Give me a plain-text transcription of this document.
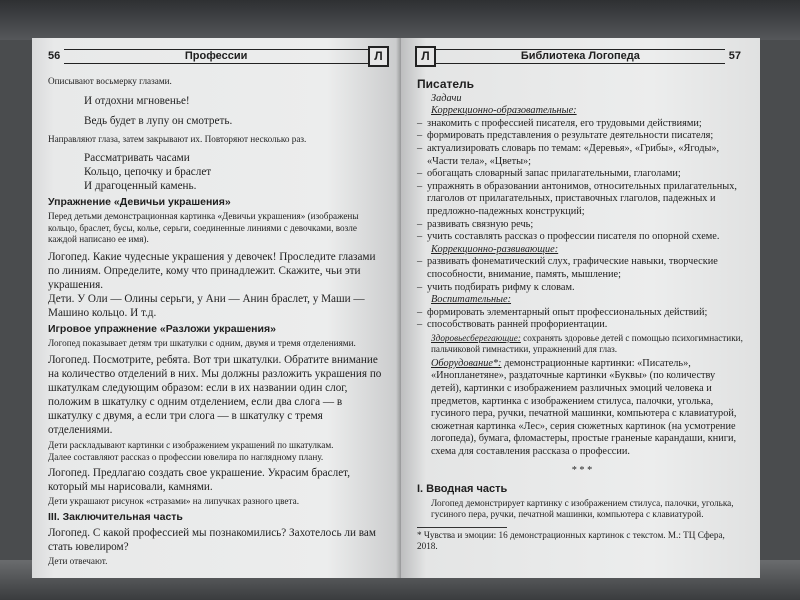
56	Профессии	Л

Описывают восьмерку глазами.

И отдохни мгновенье!

Ведь будет в лупу он смотреть.

Направляют глаза, затем закрывают их. Повторяют несколько раз.

Рассматривать часами

Кольцо, цепочку и браслет

И драгоценный камень.

Упражнение «Девичьи украшения»

Перед детьми демонстрационная картинка «Девичьи украшения» (изображены кольцо, браслет, бусы, колье, серьги, соединенные линиями с девочками, возле каждой написано ее имя).

Логопед. Какие чудесные украшения у девочек! Проследите глазами по линиям. Определите, кому что принадлежит. Скажите, чьи эти украшения.

Дети. У Оли — Олины серьги, у Ани — Анин браслет, у Маши — Машино кольцо. И т.д.

Игровое упражнение «Разложи украшения»

Логопед показывает детям три шкатулки с одним, двумя и тремя отделениями.

Логопед. Посмотрите, ребята. Вот три шкатулки. Обратите внимание на количество отделений в них. Мы должны разложить украшения по шкатулкам следующим образом: если в их названии один слог, положим в шкатулку с одним отделением, если два слога — в шкатулку с двумя, а если три слога — в шкатулку с тремя отделениями.

Дети раскладывают картинки с изображением украшений по шкатулкам.

Далее составляют рассказ о профессии ювелира по наглядному плану.

Логопед. Предлагаю создать свое украшение. Украсим браслет, который мы нарисовали, камнями.

Дети украшают рисунок «стразами» на липучках разного цвета.

III. Заключительная часть

Логопед. С какой профессией мы познакомились? Захотелось ли вам стать ювелиром?

Дети отвечают.

Л	Библиотека Логопеда	57
Писатель

Задачи

Коррекционно-образовательные:

– знакомить с профессией писателя, его трудовыми действиями;
– формировать представления о результате деятельности писателя;
– актуализировать словарь по темам: «Деревья», «Грибы», «Ягоды», «Части тела», «Цветы»;
– обогащать словарный запас прилагательными, глаголами;
– упражнять в образовании антонимов, относительных прилагательных, глаголов от прилагательных, приставочных глаголов, падежных и предложно-падежных конструкций;
– развивать связную речь;
– учить составлять рассказ о профессии писателя по опорной схеме.

Коррекционно-развивающие:

– развивать фонематический слух, графические навыки, творческие способности, внимание, память, мышление;
– учить подбирать рифму к словам.

Воспитательные:

– формировать элементарный опыт профессиональных действий;
– способствовать ранней профориентации.

Здоровьесберегающие: сохранять здоровье детей с помощью психогимнастики, пальчиковой гимнастики, упражнений для глаз.

Оборудование*: демонстрационные картинки: «Писатель», «Инопланетяне», раздаточные картинки «Буквы» (по количеству детей), картинки с изображением различных эмоций человека и предметов, картинка с изображением стилуса, палочки, уголька, гусиного пера, ручки, печатной машинки, компьютера с клавиатурой, сюжетная картинка «Лес», серия сюжетных картинок (на усмотрение логопеда), бумага, фломастеры, простые граненые карандаши, книги, схема для составления рассказа о профессии.

* * *
I. Вводная часть

Логопед демонстрирует картинку с изображением стилуса, палочки, уголька, гусиного пера, ручки, печатной машинки, компьютера с клавиатурой.

* Чувства и эмоции: 16 демонстрационных картинок с текстом. М.: ТЦ Сфера, 2018.
